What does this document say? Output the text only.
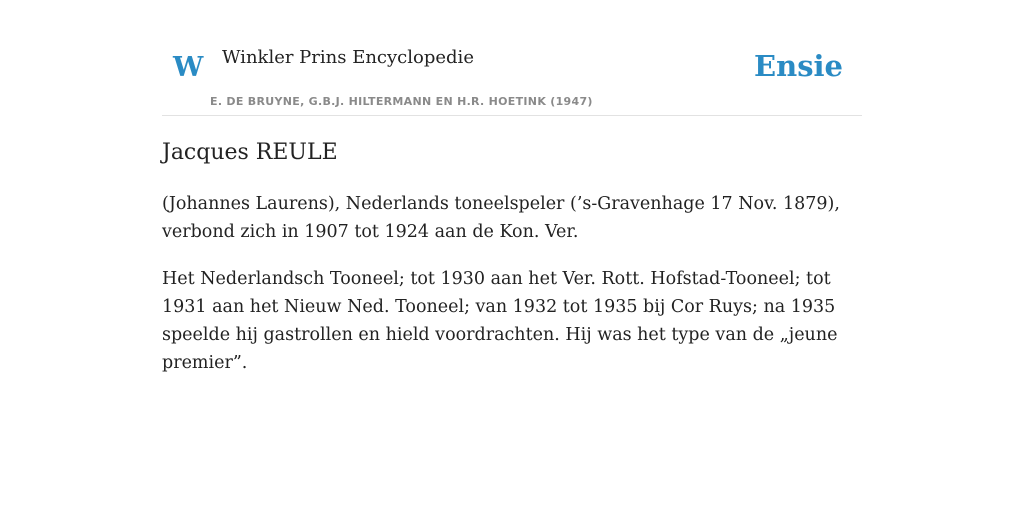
W Winkler Prins Encyclopedie
E. DE BRUYNE, G.B.J. HILTERMANN EN H.R. HOETINK (1947)
Ensie
Jacques REULE

(Johannes Laurens), Nederlands toneelspeler (’s-Gravenhage 17 Nov. 1879), verbond zich in 1907 tot 1924 aan de Kon. Ver.

Het Nederlandsch Tooneel; tot 1930 aan het Ver. Rott. Hofstad-Tooneel; tot 1931 aan het Nieuw Ned. Tooneel; van 1932 tot 1935 bij Cor Ruys; na 1935 speelde hij gastrollen en hield voordrachten. Hij was het type van de „jeune premier”.
